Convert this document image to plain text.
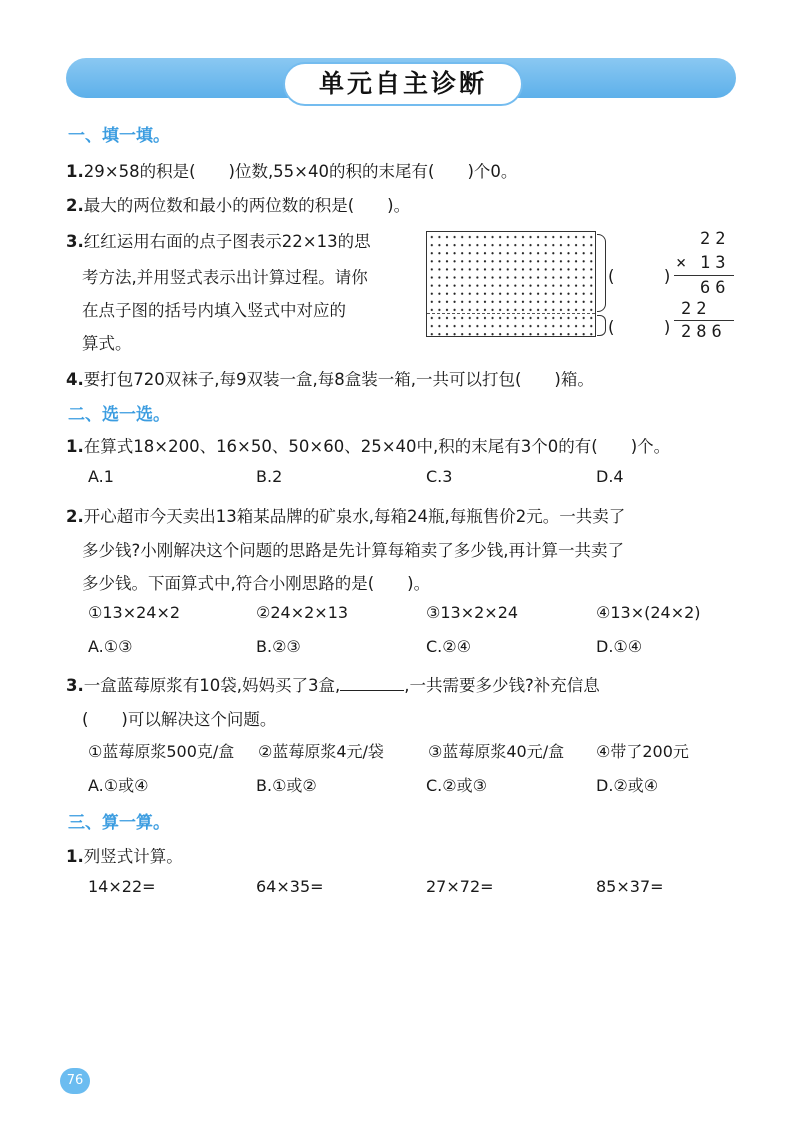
单元自主诊断
一、填一填。
1.29×58的积是(　　)位数,55×40的积的末尾有(　　)个0。
2.最大的两位数和最小的两位数的积是(　　)。
3.红红运用右面的点子图表示22×13的思
考方法,并用竖式表示出计算过程。请你
在点子图的括号内填入竖式中对应的
算式。
(　　　)
(　　　)
22
× 13
66
22
286
4.要打包720双袜子,每9双装一盒,每8盒装一箱,一共可以打包(　　)箱。
二、选一选。
1.在算式18×200、16×50、50×60、25×40中,积的末尾有3个0的有(　　)个。
A.1	B.2	C.3	D.4
2.开心超市今天卖出13箱某品牌的矿泉水,每箱24瓶,每瓶售价2元。一共卖了
多少钱?小刚解决这个问题的思路是先计算每箱卖了多少钱,再计算一共卖了
多少钱。下面算式中,符合小刚思路的是(　　)。
①13×24×2	②24×2×13	③13×2×24	④13×(24×2)
A.①③	B.②③	C.②④	D.①④
3.一盒蓝莓原浆有10袋,妈妈买了3盒,	,一共需要多少钱?补充信息
(　　)可以解决这个问题。
①蓝莓原浆500克/盒 ②蓝莓原浆4元/袋	③蓝莓原浆40元/盒 ④带了200元
A.①或④	B.①或②	C.②或③	D.②或④
三、算一算。
1.列竖式计算。
14×22=	64×35=	27×72=	85×37=
76
